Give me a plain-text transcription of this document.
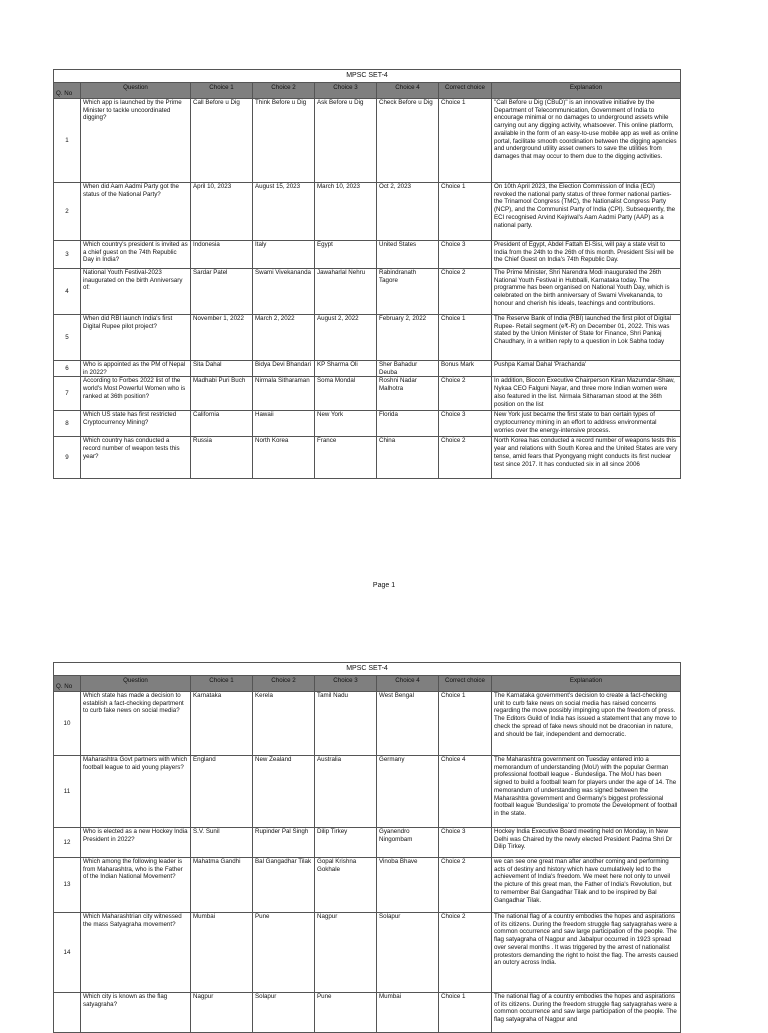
MPSC SET-4							
Q. No	Question	Choice 1	Choice 2	Choice 3	Choice 4	Correct choice	Explanation
1	Which app is launched by the Prime Minister to tackle uncoordinated digging?	Call Before u Dig	Think Before u Dig	Ask Before u Dig	Check Before u Dig	Choice 1	"Call Before u Dig (CBuD)" is an innovative initiative by the Department of Telecommunication, Government of India to encourage minimal or no damages to underground assets while carrying out any digging activity, whatsoever. This online platform, available in the form of an easy-to-use mobile app as well as online portal, facilitate smooth coordination between the digging agencies and underground utility asset owners to save the utilities from damages that may occur to them due to the digging activities.
2	When did Aam Aadmi Party got the status of the National Party?	April 10, 2023	August 15, 2023	March 10, 2023	Oct 2, 2023	Choice 1	On 10th April 2023, the Election Commission of India (ECI) revoked the national party status of three former national parties- the Trinamool Congress (TMC), the Nationalist Congress Party (NCP), and the Communist Party of India (CPI). Subsequently, the ECI recognised Arvind Kejriwal's Aam Aadmi Party (AAP) as a national party.
3	Which country's president is invited as a chief guest on the 74th Republic Day in India?	Indonesia	Italy	Egypt	United States	Choice 3	President of Egypt, Abdel Fattah El-Sisi, will pay a state visit to India from the 24th to the 26th of this month. President Sisi will be the Chief Guest on India's 74th Republic Day.
4	National Youth Festival-2023 inaugurated on the birth Anniversary of:	Sardar Patel	Swami Vivekananda	Jawaharlal Nehru	Rabindranath Tagore	Choice 2	The Prime Minister, Shri Narendra Modi inaugurated the 26th National Youth Festival in Hubballi, Karnataka today. The programme has been organised on National Youth Day, which is celebrated on the birth anniversary of Swami Vivekananda, to honour and cherish his ideals, teachings and contributions.
5	When did RBI launch India's first Digital Rupee pilot project?	November 1, 2022	March 2, 2022	August 2, 2022	February 2, 2022	Choice 1	The Reserve Bank of India (RBI) launched the first pilot of Digital Rupee- Retail segment (e₹-R) on December 01, 2022. This was stated by the Union Minister of State for Finance, Shri Pankaj Chaudhary, in a written reply to a question in Lok Sabha today
6	Who is appointed as the PM of Nepal in 2022?	Sita Dahal	Bidya Devi Bhandari	KP Sharma Oli	Sher Bahadur Deuba	Bonus Mark	Pushpa Kamal Dahal 'Prachanda'
7	According to Forbes 2022 list of the world's Most Powerful Women who is ranked at 36th position?	Madhabi Puri Buch	Nirmala Sitharaman	Soma Mondal	Roshni Nadar Malhotra	Choice 2	In addition, Biocon Executive Chairperson Kiran Mazumdar-Shaw, Nykaa CEO Falguni Nayar, and three more Indian women were also featured in the list. Nirmala Sitharaman stood at the 36th position on the list
8	Which US state has first restricted Cryptocurrency Mining?	California	Hawaii	New York	Florida	Choice 3	New York just became the first state to ban certain types of cryptocurrency mining in an effort to address environmental worries over the energy-intensive process.
9	Which country has conducted a record number of weapon tests this year?	Russia	North Korea	France	China	Choice 2	North Korea has conducted a record number of weapons tests this year and relations with South Korea and the United States are very tense, amid fears that Pyongyang might conducts its first nuclear test since 2017. It has conducted six in all since 2006
Page 1
MPSC SET-4							
Q. No	Question	Choice 1	Choice 2	Choice 3	Choice 4	Correct choice	Explanation
10	Which state has made a decision to establish a fact-checking department to curb fake news on social media?	Karnataka	Kerela	Tamil Nadu	West Bengal	Choice 1	The Karnataka government's decision to create a fact-checking unit to curb fake news on social media has raised concerns regarding the move possibly impinging upon the freedom of press. The Editors Guild of India has issued a statement that any move to check the spread of fake news should not be draconian in nature, and should be fair, independent and democratic.
11	Maharashtra Govt partners with which football league to aid young players?	England	New Zealand	Australia	Germany	Choice 4	The Maharashtra government on Tuesday entered into a memorandum of understanding (MoU) with the popular German professional football league - Bundesliga. The MoU has been signed to build a football team for players under the age of 14. The memorandum of understanding was signed between the Maharashtra government and Germany's biggest professional football league 'Bundesliga' to promote the Development of football in the state.
12	Who is elected as a new Hockey India President in 2022?	S.V. Sunil	Rupinder Pal Singh	Dilip Tirkey	Gyanendro Ningombam	Choice 3	Hockey India Executive Board meeting held on Monday, in New Delhi was Chaired by the newly elected President Padma Shri Dr Dilip Tirkey.
13	Which among the following leader is from Maharashtra, who is the Father of the Indian National Movement?	Mahatma Gandhi	Bal Gangadhar Tilak	Gopal Krishna Gokhale	Vinoba Bhave	Choice 2	we can see one great man after another coming and performing acts of destiny and history which have cumulatively led to the achievement of India's freedom. We meet here not only to unveil the picture of this great man, the Father of India's Revolution, but to remember Bal Gangadhar Tilak and to be inspired by Bal Gangadhar Tilak.
14	Which Maharashtrian city witnessed the mass Satyagraha movement?	Mumbai	Pune	Nagpur	Solapur	Choice 2	The national flag of a country embodies the hopes and aspirations of its citizens. During the freedom struggle flag satyagrahas were a common occurrence and saw large participation of the people. The flag satyagraha of Nagpur and Jabalpur occurred in 1923 spread over several months . It was triggered by the arrest of nationalist protestors demanding the right to hoist the flag. The arrests caused an outcry across India.
	Which city is known as the flag satyagraha?	Nagpur	Solapur	Pune	Mumbai	Choice 1	The national flag of a country embodies the hopes and aspirations of its citizens. During the freedom struggle flag satyagrahas were a common occurrence and saw large participation of the people. The flag satyagraha of Nagpur and
